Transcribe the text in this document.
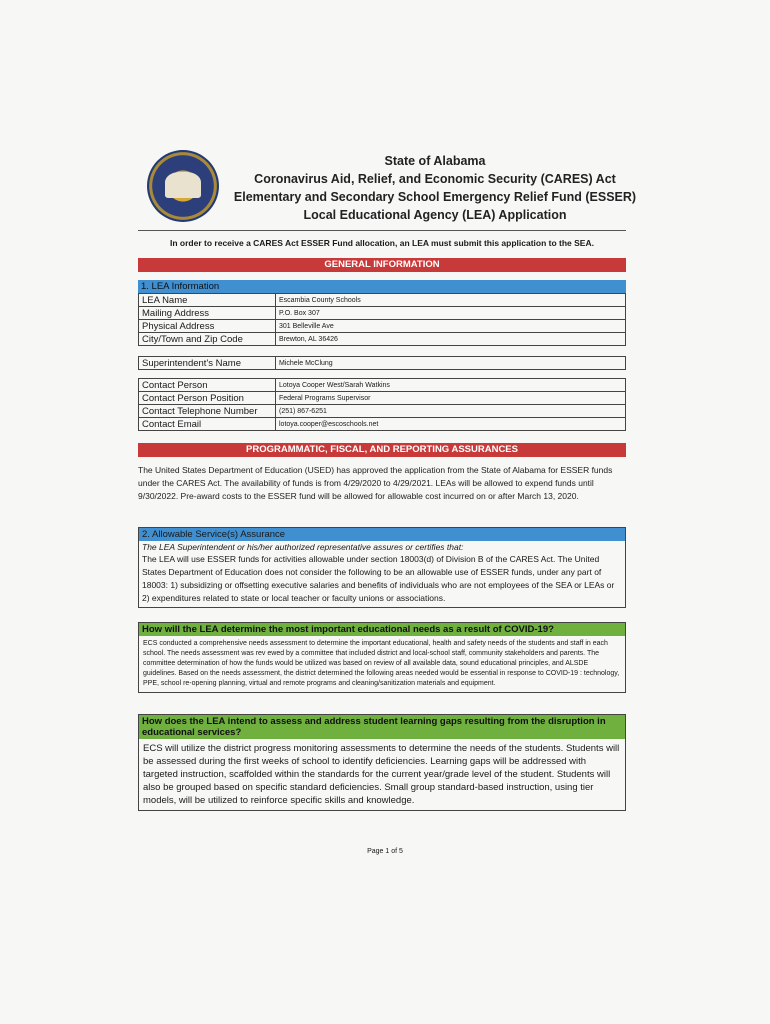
State of Alabama
Coronavirus Aid, Relief, and Economic Security (CARES) Act
Elementary and Secondary School Emergency Relief Fund (ESSER)
Local Educational Agency (LEA) Application
In order to receive a CARES Act ESSER Fund allocation, an LEA must submit this application to the SEA.
GENERAL INFORMATION
1. LEA Information
LEA Name	Escambia County Schools
Mailing Address	P.O. Box 307
Physical Address	301 Belleville Ave
City/Town and Zip Code	Brewton, AL 36426
Superintendent's Name	Michele McClung
Contact Person	Lotoya Cooper West/Sarah Watkins
Contact Person Position	Federal Programs Supervisor
Contact Telephone Number	(251) 867-6251
Contact Email	lotoya.cooper@escoschools.net
PROGRAMMATIC, FISCAL, AND REPORTING ASSURANCES
The United States Department of Education (USED) has approved the application from the State of Alabama for ESSER funds under the CARES Act. The availability of funds is from 4/29/2020 to 4/29/2021. LEAs will be allowed to expend funds until 9/30/2022. Pre-award costs to the ESSER fund will be allowed for allowable cost incurred on or after March 13, 2020.
2. Allowable Service(s) Assurance
The LEA Superintendent or his/her authorized representative assures or certifies that:
The LEA will use ESSER funds for activities allowable under section 18003(d) of Division B of the CARES Act. The United States Department of Education does not consider the following to be an allowable use of ESSER funds, under any part of 18003: 1) subsidizing or offsetting executive salaries and benefits of individuals who are not employees of the SEA or LEAs or 2) expenditures related to state or local teacher or faculty unions or associations.
How will the LEA determine the most important educational needs as a result of COVID-19?
ECS conducted a comprehensive needs assessment to determine the important educational, health and safety needs of the students and staff in each school. The needs assessment was rev ewed by a committee that included district and local-school staff, community stakeholders and parents. The committee determination of how the funds would be utilized was based on review of all available data, sound educational principles, and ALSDE guidelines. Based on the needs assessment, the district determined the following areas needed would be essential in response to COVID-19 : technology, PPE, school re-opening planning, virtual and remote programs and cleaning/sanitization materials and equipment.
How does the LEA intend to assess and address student learning gaps resulting from the disruption in educational services?
ECS will utilize the district progress monitoring assessments to determine the needs of the students. Students will be assessed during the first weeks of school to identify deficiencies. Learning gaps will be addressed with targeted instruction, scaffolded within the standards for the current year/grade level of the student. Students will also be grouped based on specific standard deficiencies. Small group standard-based instruction, using tier models, will be utilized to reinforce specific skills and knowledge.
Page 1 of 5
